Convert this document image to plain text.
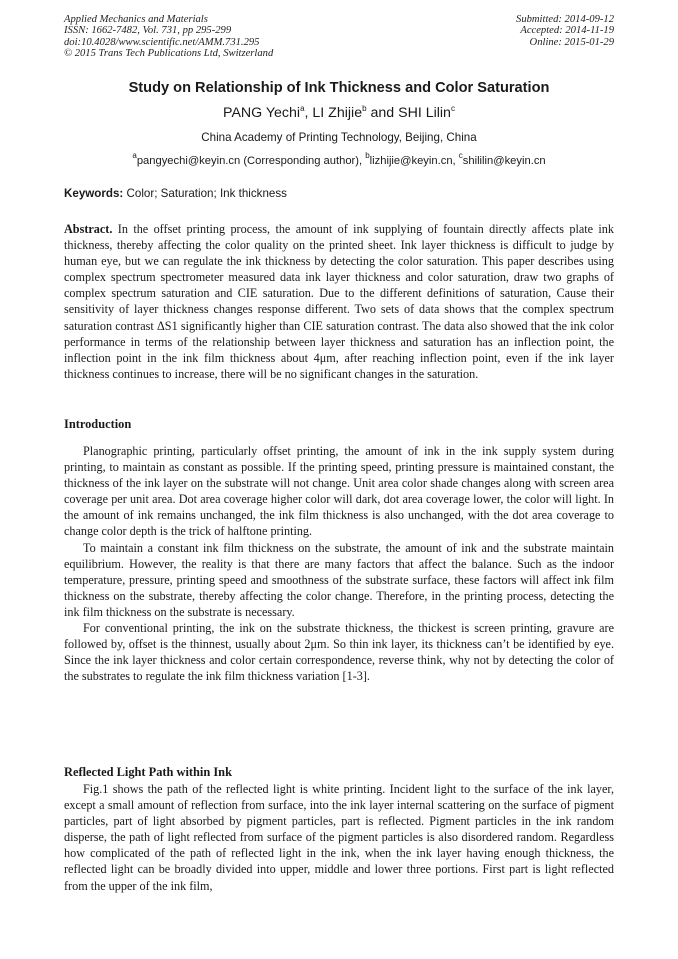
Applied Mechanics and Materials
ISSN: 1662-7482, Vol. 731, pp 295-299
doi:10.4028/www.scientific.net/AMM.731.295
© 2015 Trans Tech Publications Ltd, Switzerland
Submitted: 2014-09-12
Accepted: 2014-11-19
Online: 2015-01-29
Study on Relationship of Ink Thickness and Color Saturation
PANG Yechi$^a$, LI Zhijie$^b$ and SHI Lilin$^c$
China Academy of Printing Technology, Beijing, China
$^a$pangyechi@keyin.cn (Corresponding author), $^b$lizhijie@keyin.cn, $^c$shililin@keyin.cn
Keywords: Color; Saturation; Ink thickness
Abstract. In the offset printing process, the amount of ink supplying of fountain directly affects plate ink thickness, thereby affecting the color quality on the printed sheet. Ink layer thickness is difficult to judge by human eye, but we can regulate the ink thickness by detecting the color saturation. This paper describes using complex spectrum spectrometer measured data ink layer thickness and color saturation, draw two graphs of complex spectrum saturation and CIE saturation. Due to the different definitions of saturation, Cause their sensitivity of layer thickness changes response different. Two sets of data shows that the complex spectrum saturation contrast ΔS1 significantly higher than CIE saturation contrast. The data also showed that the ink color performance in terms of the relationship between layer thickness and saturation has an inflection point, the inflection point in the ink film thickness about 4μm, after reaching inflection point, even if the ink layer thickness continues to increase, there will be no significant changes in the saturation.
Introduction

Planographic printing, particularly offset printing, the amount of ink in the ink supply system during printing, to maintain as constant as possible. If the printing speed, printing pressure is maintained constant, the thickness of the ink layer on the substrate will not change. Unit area color shade changes along with screen area coverage per unit area. Dot area coverage higher color will dark, dot area coverage lower, the color will light. In the amount of ink remains unchanged, the ink film thickness is also unchanged, with the dot area coverage to change color depth is the trick of halftone printing.

To maintain a constant ink film thickness on the substrate, the amount of ink and the substrate maintain equilibrium. However, the reality is that there are many factors that affect the balance. Such as the indoor temperature, pressure, printing speed and smoothness of the substrate surface, these factors will affect ink film thickness on the substrate, thereby affecting the color change. Therefore, in the printing process, detecting the ink film thickness on the substrate is necessary.

For conventional printing, the ink on the substrate thickness, the thickest is screen printing, gravure are followed by, offset is the thinnest, usually about 2μm. So thin ink layer, its thickness can’t be identified by eye. Since the ink layer thickness and color certain correspondence, reverse think, why not by detecting the color of the substrates to regulate the ink film thickness variation [1-3].

Reflected Light Path within Ink

Fig.1 shows the path of the reflected light is white printing. Incident light to the surface of the ink layer, except a small amount of reflection from surface, into the ink layer internal scattering on the surface of pigment particles, part of light absorbed by pigment particles, part is reflected. Pigment particles in the ink random disperse, the path of light reflected from surface of the pigment particles is also disordered random. Regardless how complicated of the path of reflected light in the ink, when the ink layer having enough thickness, the reflected light can be broadly divided into upper, middle and lower three portions. First part is light reflected from the upper of the ink film,
